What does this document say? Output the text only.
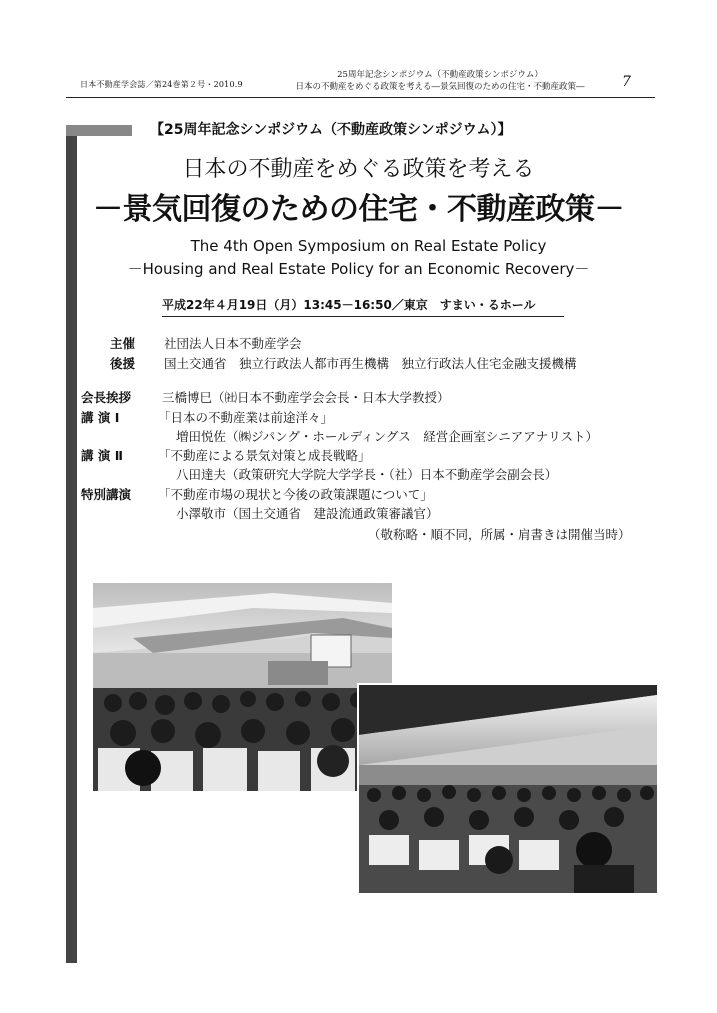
日本不動産学会誌／第24巻第２号・2010.9
25周年記念シンポジウム（不動産政策シンポジウム）
日本の不動産をめぐる政策を考える―景気回復のための住宅・不動産政策―	7
【25周年記念シンポジウム（不動産政策シンポジウム）】
日本の不動産をめぐる政策を考える
－景気回復のための住宅・不動産政策－
The 4th Open Symposium on Real Estate Policy
－Housing and Real Estate Policy for an Economic Recovery－
平成22年４月19日（月）13:45－16:50／東京　すまい・るホール
主催 社団法人日本不動産学会
後援 国土交通省　独立行政法人都市再生機構　独立行政法人住宅金融支援機構
会長挨拶 三橋博巳（㈳日本不動産学会会長・日本大学教授）
講 演 Ⅰ	「日本の不動産業は前途洋々」
増田悦佐（㈱ジパング・ホールディングス　経営企画室シニアアナリスト）
講 演 Ⅱ	「不動産による景気対策と成長戦略」
八田達夫（政策研究大学院大学学長・（社）日本不動産学会副会長）
特別講演 「不動産市場の現状と今後の政策課題について」
小澤敬市（国土交通省　建設流通政策審議官）
（敬称略・順不同，所属・肩書きは開催当時）
